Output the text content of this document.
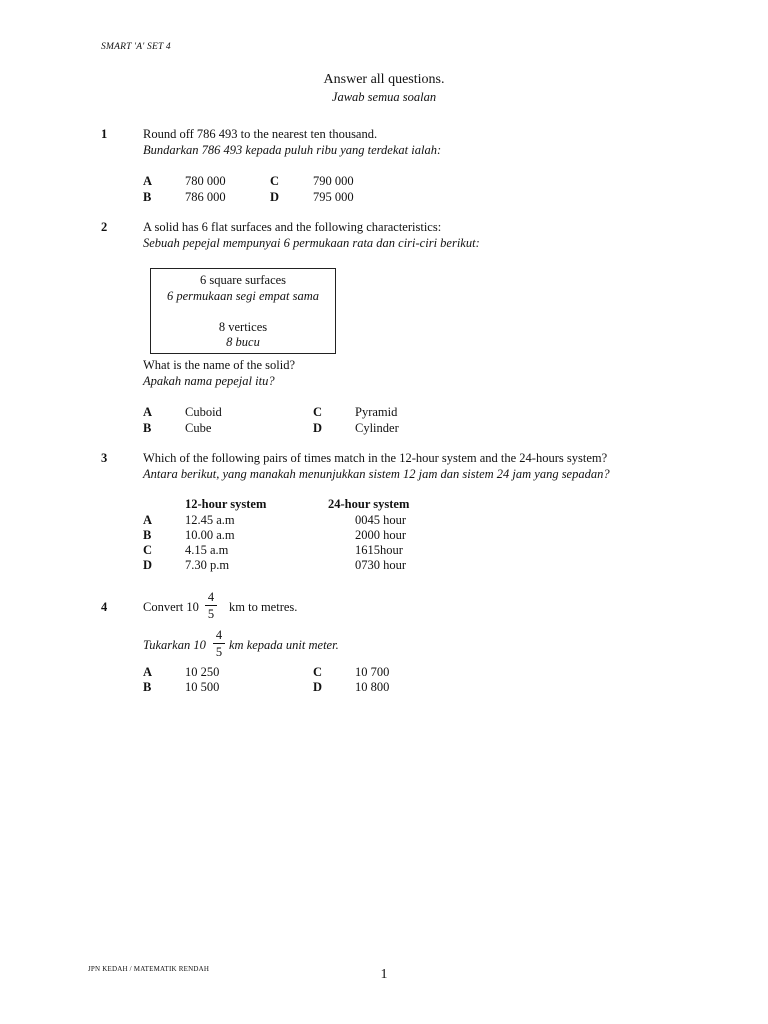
SMART 'A' SET 4
Answer all questions.
Jawab semua soalan
1	Round off 786 493 to the nearest ten thousand.
Bundarkan 786 493 kepada puluh ribu yang terdekat ialah:
A	780 000
B	786 000
C	790 000
D	795 000
2	A solid has 6 flat surfaces and the following characteristics:
Sebuah pepejal mempunyai 6 permukaan rata dan ciri-ciri berikut:
6 square surfaces
6 permukaan segi empat sama
8 vertices
8 bucu
What is the name of the solid?
Apakah nama pepejal itu?
A	Cuboid
B	Cube
C	Pyramid
D	Cylinder
3	Which of the following pairs of times match in the 12-hour system and the 24-hours system?
Antara berikut, yang manakah menunjukkan sistem 12 jam dan sistem 24 jam yang sepadan?
12-hour system	24-hour system
A	12.45 a.m	0045 hour
B	10.00 a.m	2000 hour
C	4.15 a.m	1615hour
D	7.30 p.m	0730 hour
4	Convert 10
4
5 km to metres.
Tukarkan 10
4
5 km kepada unit meter.
A	10 250
B	10 500
C	10 700
D	10 800
JPN KEDAH / MATEMATIK RENDAH	1
